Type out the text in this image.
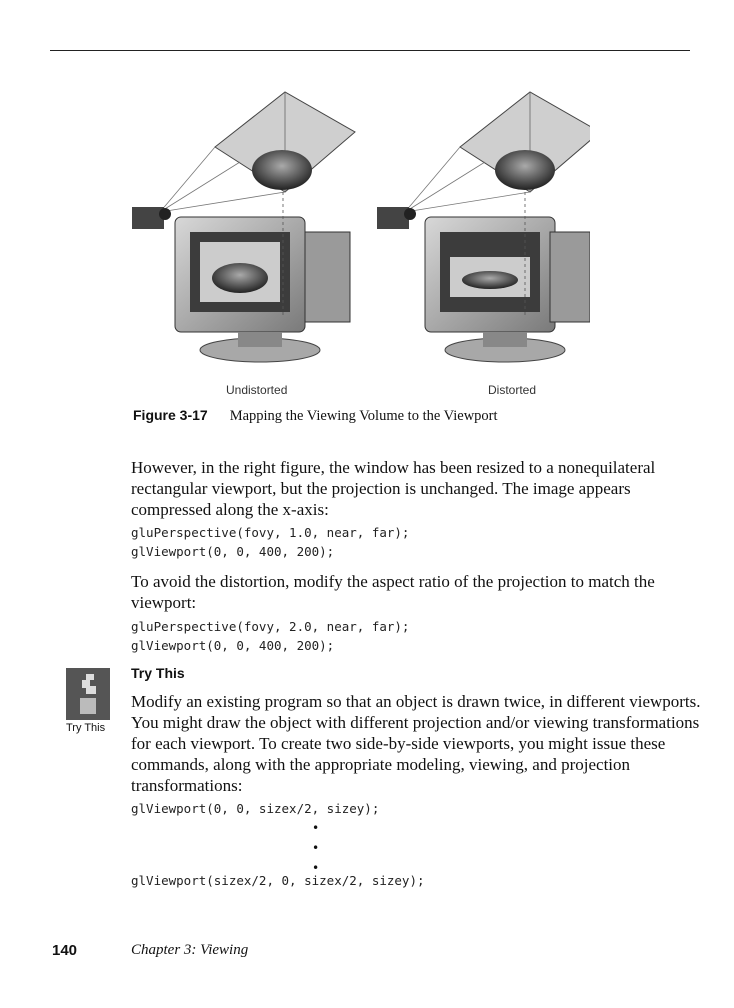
Undistorted	Distorted
Figure 3-17 Mapping the Viewing Volume to the Viewport

However, in the right figure, the window has been resized to a nonequilateral rectangular viewport, but the projection is unchanged. The image appears compressed along the x-axis:

gluPerspective(fovy, 1.0, near, far);
glViewport(0, 0, 400, 200);

To avoid the distortion, modify the aspect ratio of the projection to match the viewport:

gluPerspective(fovy, 2.0, near, far);
glViewport(0, 0, 400, 200);
Try This
Try This

Modify an existing program so that an object is drawn twice, in different viewports. You might draw the object with different projection and/or viewing transformations for each viewport. To create two side-by-side viewports, you might issue these commands, along with the appropriate modeling, viewing, and projection transformations:

glViewport(0, 0, sizex/2, sizey);
•
•
•
glViewport(sizex/2, 0, sizex/2, sizey);
140	Chapter 3: Viewing
